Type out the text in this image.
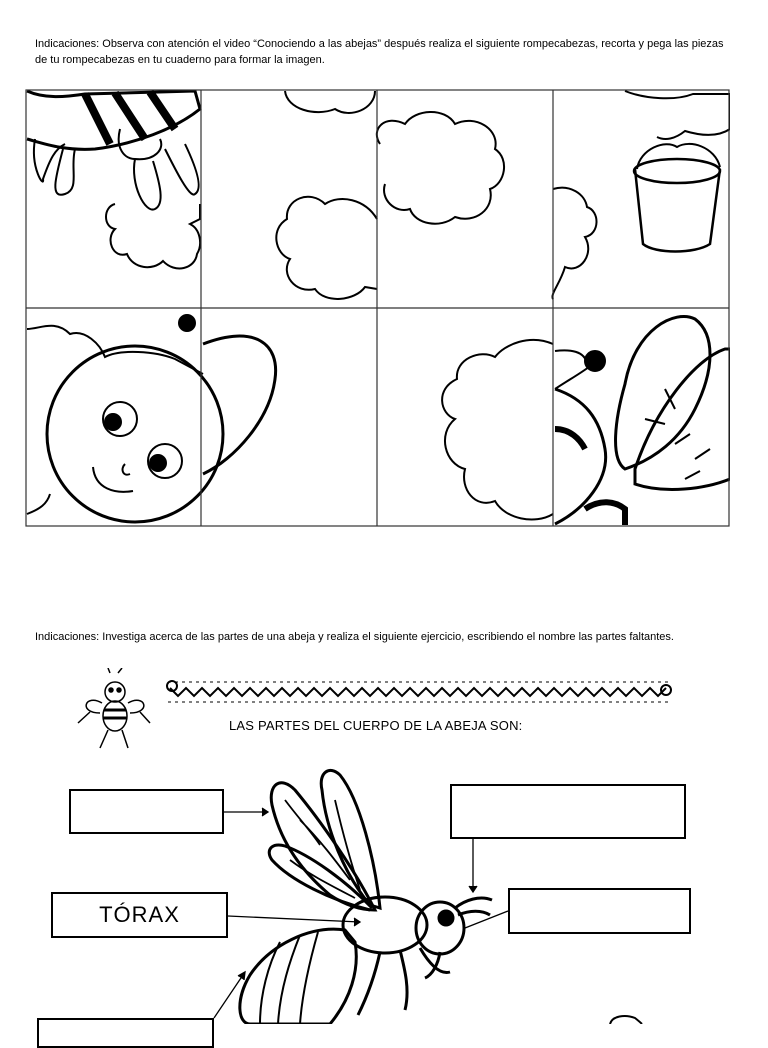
Indicaciones: Observa con atención el video “Conociendo a las abejas” después realiza el siguiente rompecabezas, recorta y pega las piezas de tu rompecabezas en tu cuaderno para formar la imagen.
Indicaciones: Investiga acerca de las partes de una abeja y realiza el siguiente ejercicio, escribiendo el nombre las partes faltantes.
LAS PARTES DEL CUERPO DE LA ABEJA SON:
TÓRAX
